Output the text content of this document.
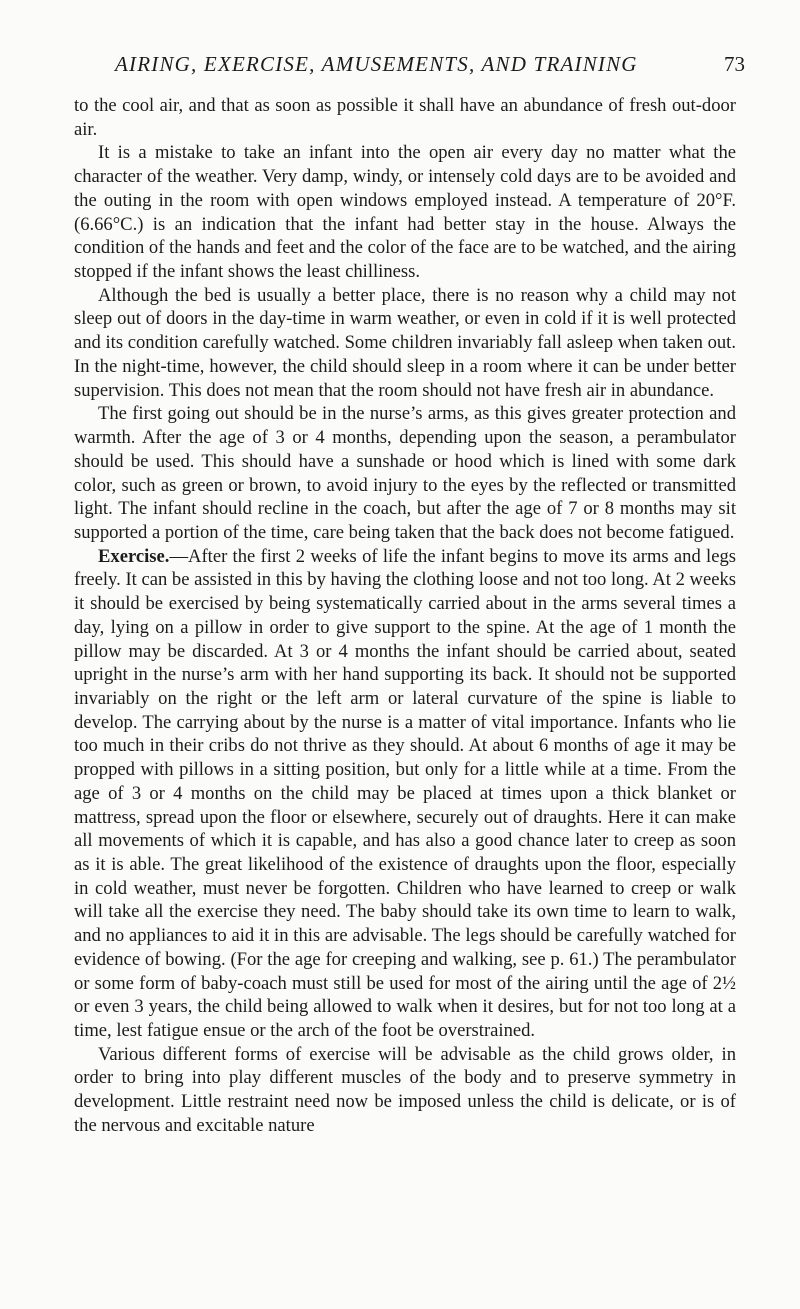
AIRING, EXERCISE, AMUSEMENTS, AND TRAINING	73

to the cool air, and that as soon as possible it shall have an abundance of fresh out-door air.

It is a mistake to take an infant into the open air every day no matter what the character of the weather. Very damp, windy, or intensely cold days are to be avoided and the outing in the room with open windows employed instead. A temperature of 20°F. (6.66°C.) is an indication that the infant had better stay in the house. Always the condition of the hands and feet and the color of the face are to be watched, and the airing stopped if the infant shows the least chilliness.

Although the bed is usually a better place, there is no reason why a child may not sleep out of doors in the day-time in warm weather, or even in cold if it is well protected and its condition carefully watched. Some children invariably fall asleep when taken out. In the night-time, however, the child should sleep in a room where it can be under better supervision. This does not mean that the room should not have fresh air in abundance.

The first going out should be in the nurse’s arms, as this gives greater protection and warmth. After the age of 3 or 4 months, depending upon the season, a perambulator should be used. This should have a sunshade or hood which is lined with some dark color, such as green or brown, to avoid injury to the eyes by the reflected or transmitted light. The infant should recline in the coach, but after the age of 7 or 8 months may sit supported a portion of the time, care being taken that the back does not become fatigued.

Exercise.—After the first 2 weeks of life the infant begins to move its arms and legs freely. It can be assisted in this by having the clothing loose and not too long. At 2 weeks it should be exercised by being systematically carried about in the arms several times a day, lying on a pillow in order to give support to the spine. At the age of 1 month the pillow may be discarded. At 3 or 4 months the infant should be carried about, seated upright in the nurse’s arm with her hand supporting its back. It should not be supported invariably on the right or the left arm or lateral curvature of the spine is liable to develop. The carrying about by the nurse is a matter of vital importance. Infants who lie too much in their cribs do not thrive as they should. At about 6 months of age it may be propped with pillows in a sitting position, but only for a little while at a time. From the age of 3 or 4 months on the child may be placed at times upon a thick blanket or mattress, spread upon the floor or elsewhere, securely out of draughts. Here it can make all movements of which it is capable, and has also a good chance later to creep as soon as it is able. The great likelihood of the existence of draughts upon the floor, especially in cold weather, must never be forgotten. Children who have learned to creep or walk will take all the exercise they need. The baby should take its own time to learn to walk, and no appliances to aid it in this are advisable. The legs should be carefully watched for evidence of bowing. (For the age for creeping and walking, see p. 61.) The perambulator or some form of baby-coach must still be used for most of the airing until the age of 2½ or even 3 years, the child being allowed to walk when it desires, but for not too long at a time, lest fatigue ensue or the arch of the foot be overstrained.

Various different forms of exercise will be advisable as the child grows older, in order to bring into play different muscles of the body and to preserve symmetry in development. Little restraint need now be imposed unless the child is delicate, or is of the nervous and excitable nature
